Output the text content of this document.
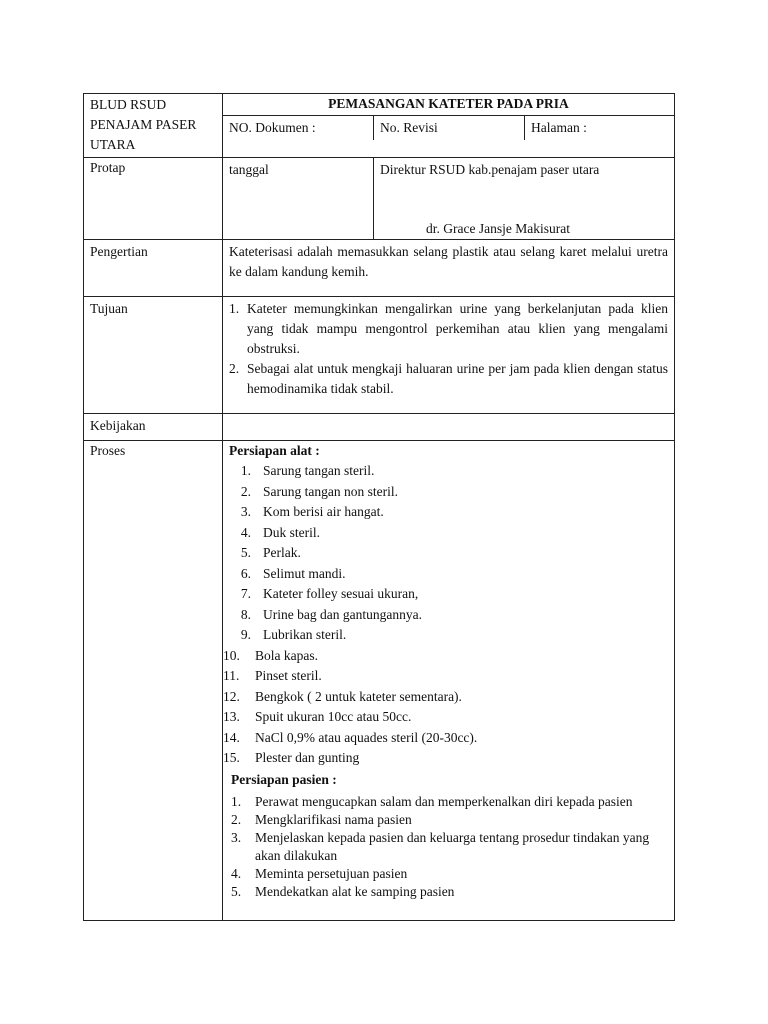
BLUD RSUD
PENAJAM PASER
UTARA
	PEMASANGAN KATETER PADA PRIA

NO. Dokumen :	No. Revisi	Halaman :

Protap		tanggal	Direktur RSUD kab.penajam paser utara
dr. Grace Jansje Makisurat

Pengertian	Kateterisasi adalah memasukkan selang plastik atau selang karet melalui uretra ke dalam kandung kemih.
Tujuan	1. Kateter memungkinkan mengalirkan urine yang berkelanjutan pada klien yang tidak mampu mengontrol perkemihan atau klien yang mengalami obstruksi.
2. Sebagai alat untuk mengkaji haluaran urine per jam pada klien dengan status hemodinamika tidak stabil.

Kebijakan	
Proses	Persiapan alat :
1. Sarung tangan steril.
2. Sarung tangan non steril.
3. Kom berisi air hangat.
4. Duk steril.
5. Perlak.
6. Selimut mandi.
7. Kateter folley sesuai ukuran,
8. Urine bag dan gantungannya.
9. Lubrikan steril.
10. Bola kapas.
11. Pinset steril.
12. Bengkok ( 2 untuk kateter sementara).
13. Spuit ukuran 10cc atau 50cc.
14. NaCl 0,9% atau aquades steril (20-30cc).
15. Plester dan gunting
Persiapan pasien :
1. Perawat mengucapkan salam dan memperkenalkan diri kepada pasien
2. Mengklarifikasi nama pasien
3. Menjelaskan kepada pasien dan keluarga tentang prosedur tindakan yang akan dilakukan
4. Meminta persetujuan pasien
5. Mendekatkan alat ke samping pasien
